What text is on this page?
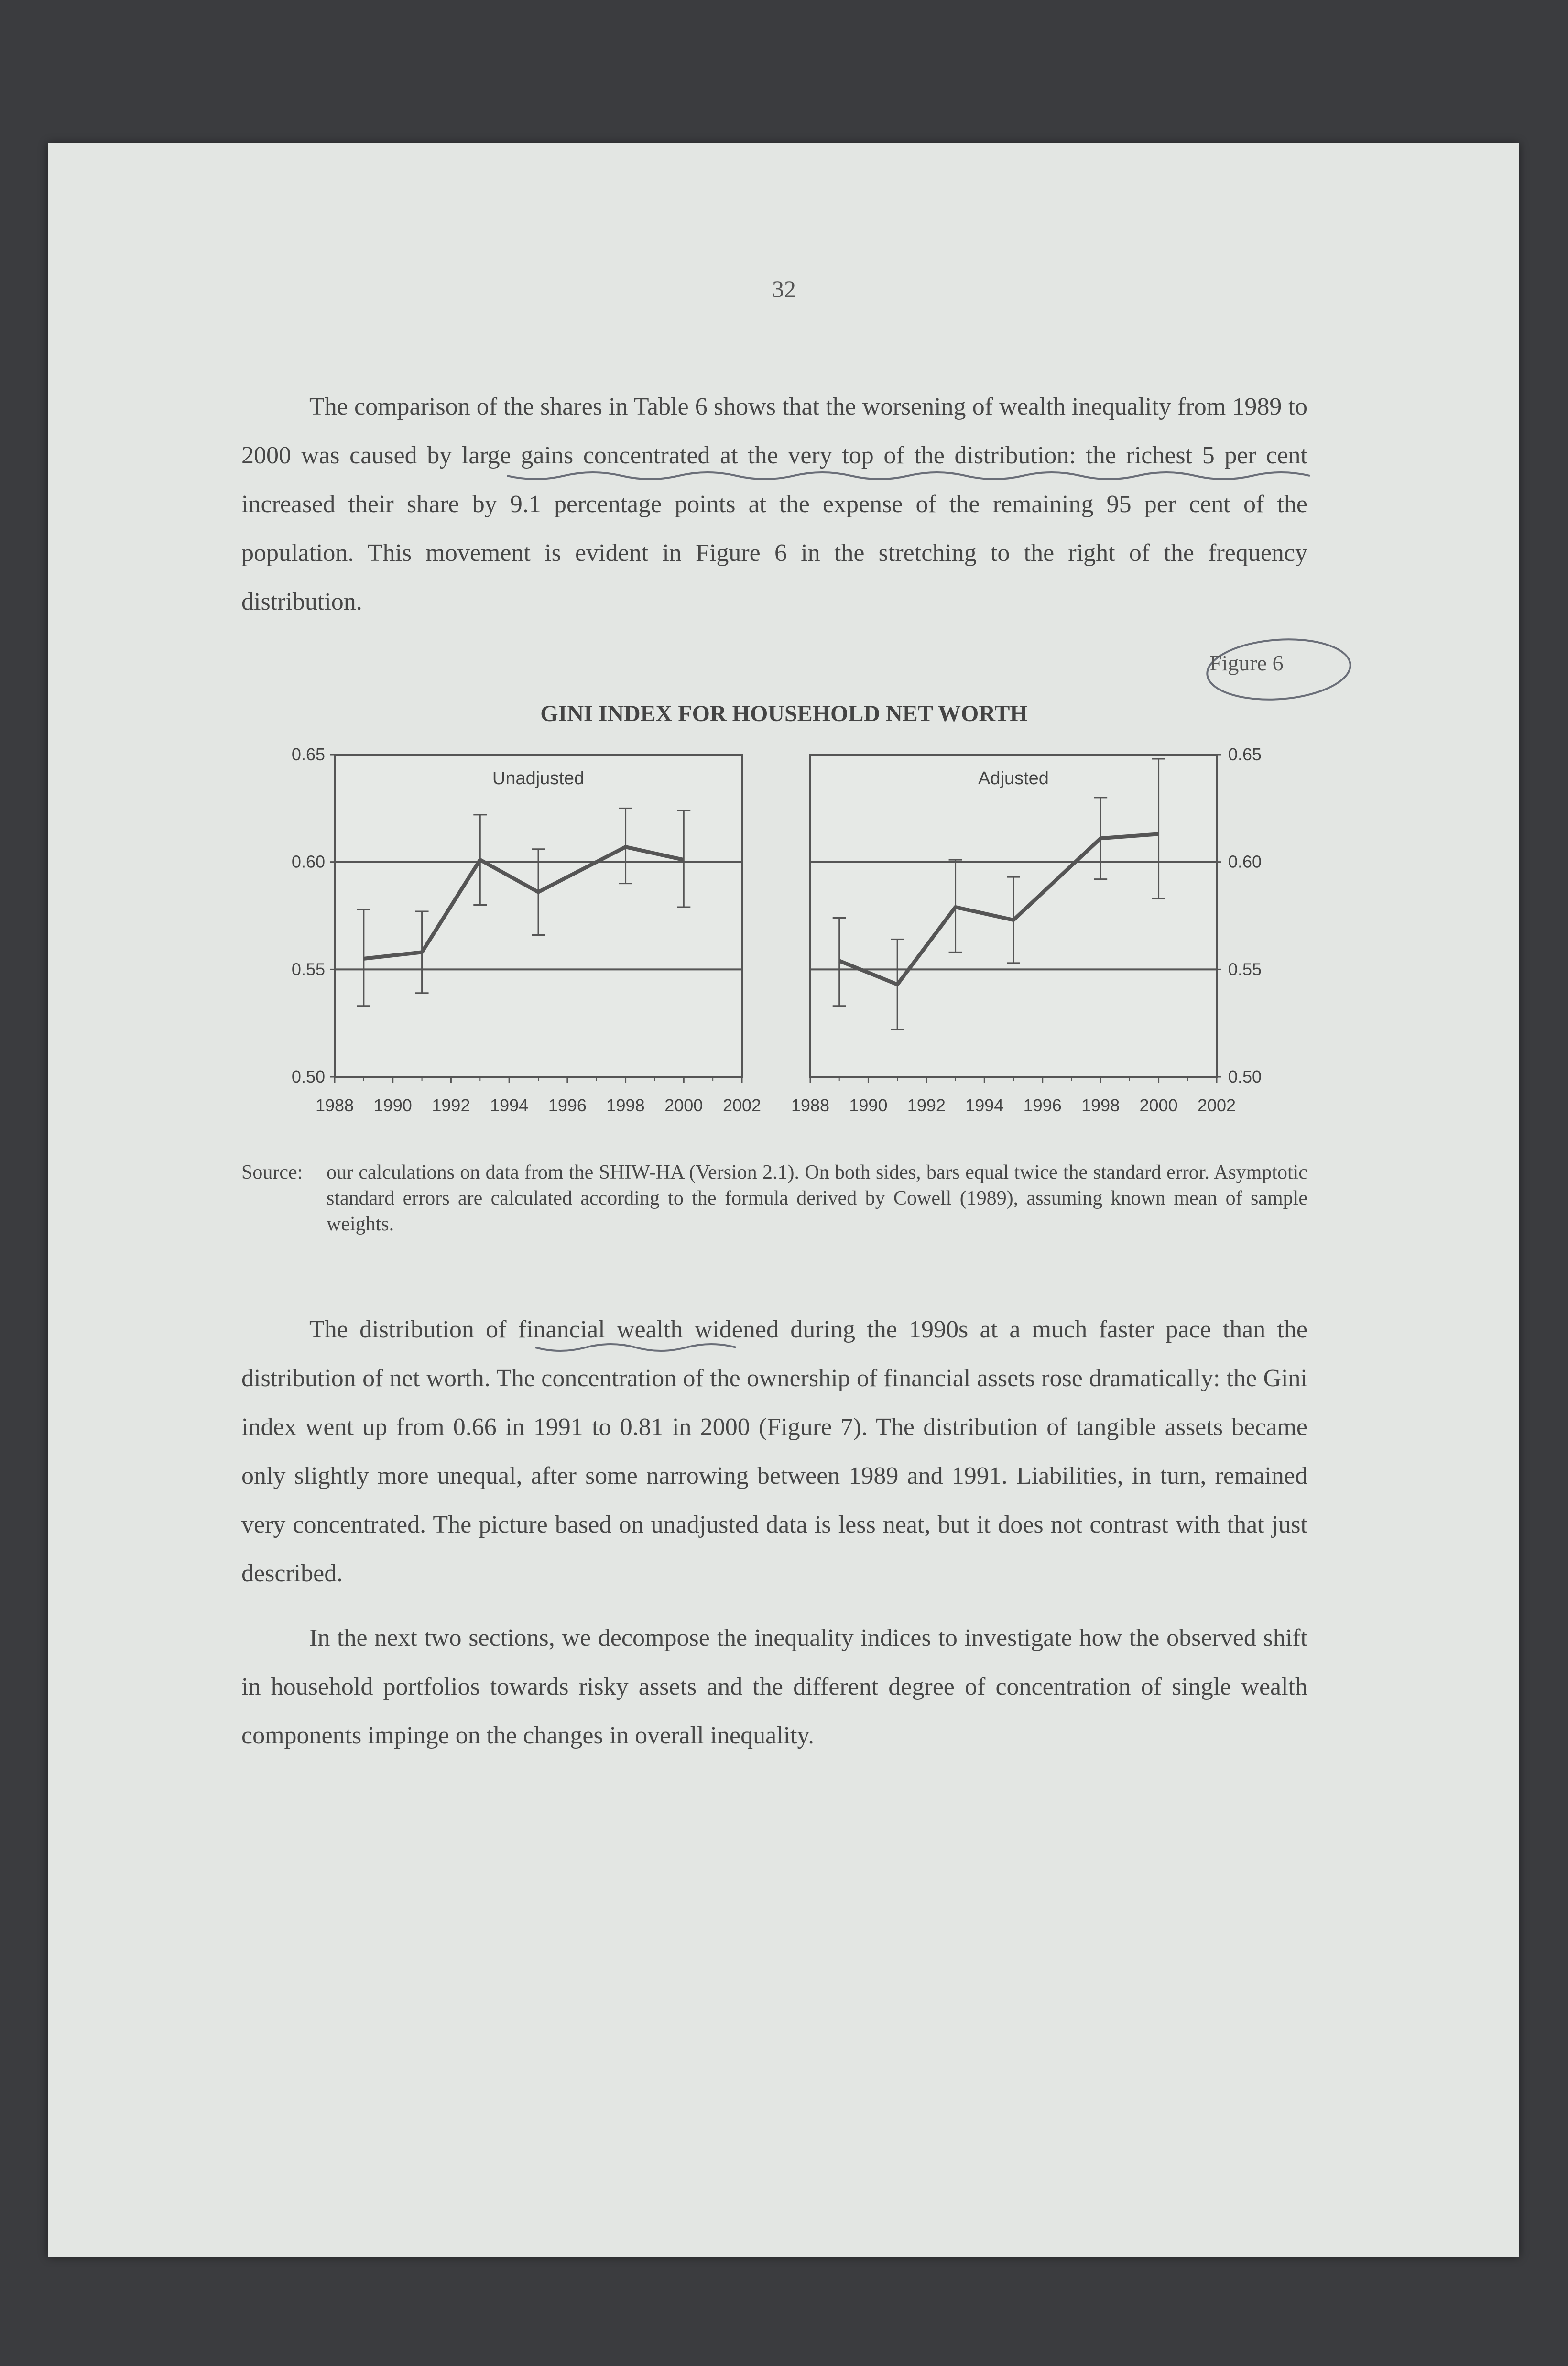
32

The comparison of the shares in Table 6 shows that the worsening of wealth inequality from 1989 to 2000 was caused by large gains concentrated at the very top of the distribution: the richest 5 per cent increased their share by 9.1 percentage points at the expense of the remaining 95 per cent of the population. This movement is evident in Figure 6 in the stretching to the right of the frequency distribution.

Figure 6
GINI INDEX FOR HOUSEHOLD NET WORTH
0.50
0.55
0.60
0.65
1988 1990 1992 1994 1996 1998 2000 2002
Unadjusted
0.50
0.55
0.60
0.65
1988 1990 1992 1994 1996 1998 2000 2002
Adjusted
Source: our calculations on data from the SHIW-HA (Version 2.1). On both sides, bars equal twice the standard error. Asymptotic standard errors are calculated according to the formula derived by Cowell (1989), assuming known mean of sample weights.

The distribution of financial wealth widened during the 1990s at a much faster pace than the distribution of net worth. The concentration of the ownership of financial assets rose dramatically: the Gini index went up from 0.66 in 1991 to 0.81 in 2000 (Figure 7). The distribution of tangible assets became only slightly more unequal, after some narrowing between 1989 and 1991. Liabilities, in turn, remained very concentrated. The picture based on unadjusted data is less neat, but it does not contrast with that just described.

In the next two sections, we decompose the inequality indices to investigate how the observed shift in household portfolios towards risky assets and the different degree of concentration of single wealth components impinge on the changes in overall inequality.
